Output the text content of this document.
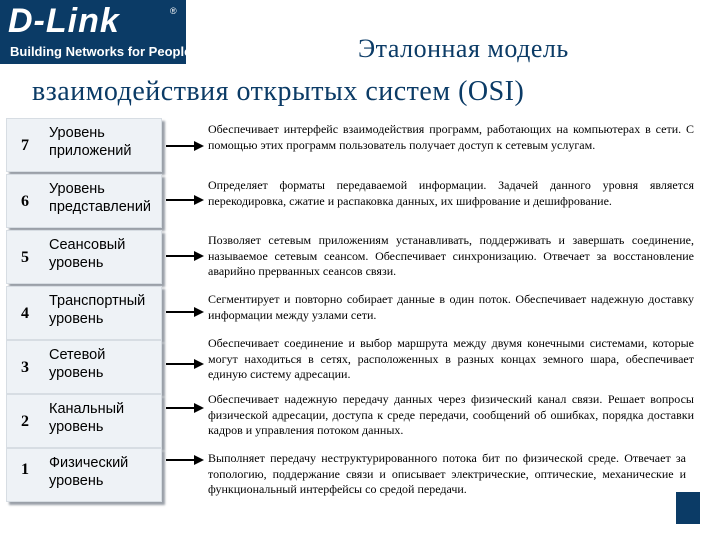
D-Link	®
Building Networks for People	Эталонная модель
взаимодействия открытых систем (OSI)
7
Уровень приложений
Обеспечивает интерфейс взаимодействия программ, работающих на компьютерах в сети. С помощью этих программ пользователь получает доступ к сетевым услугам.
6
Уровень представлений
Определяет форматы передаваемой информации. Задачей данного уровня является перекодировка, сжатие и распаковка данных, их шифрование и дешифрование.
5
Сеансовый уровень
Позволяет сетевым приложениям устанавливать, поддерживать и завершать соединение, называемое сетевым сеансом. Обеспечивает синхронизацию. Отвечает за восстановление аварийно прерванных сеансов связи.
4
Транспортный уровень
Сегментирует и повторно собирает данные в один поток. Обеспечивает надежную доставку информации между узлами сети.
3
Сетевой уровень
Обеспечивает соединение и выбор маршрута между двумя конечными системами, которые могут находиться в сетях, расположенных в разных концах земного шара, обеспечивает единую систему адресации.
2
Канальный уровень
Обеспечивает надежную передачу данных через физический канал связи. Решает вопросы физической адресации, доступа к среде передачи, сообщений об ошибках, порядка доставки кадров и управления потоком данных.
1 Физический уровень
Выполняет передачу неструктурированного потока бит по физической среде. Отвечает за топологию, поддержание связи и описывает электрические, оптические, механические и функциональный интерфейсы со средой передачи.
